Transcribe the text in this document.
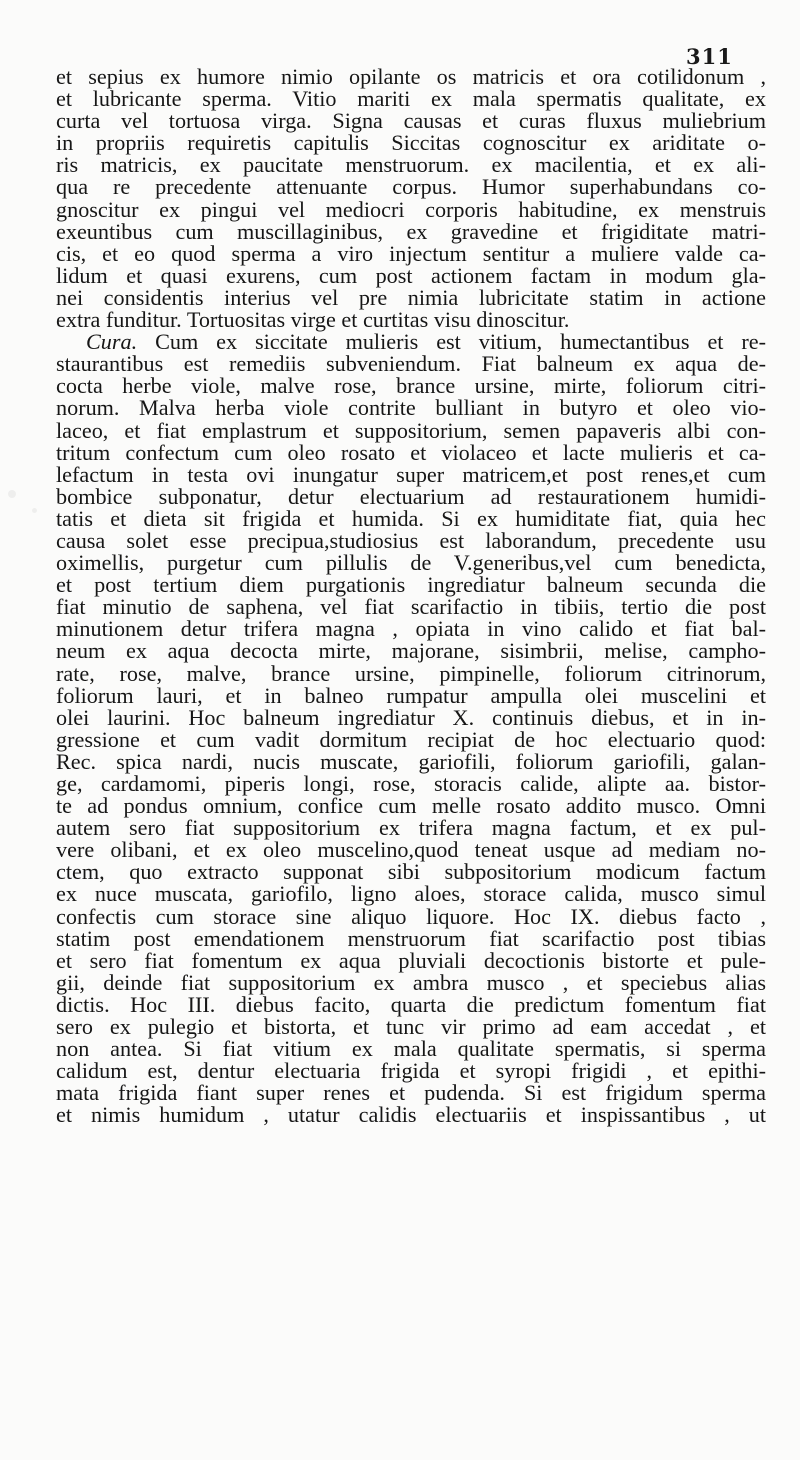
311
et sepius ex humore nimio opilante os matricis et ora cotilidonum ,
et lubricante sperma. Vitio mariti ex mala spermatis qualitate, ex
curta vel tortuosa virga. Signa causas et curas fluxus muliebrium
in propriis requiretis capitulis Siccitas cognoscitur ex ariditate o-
ris matricis, ex paucitate menstruorum. ex macilentia, et ex ali-
qua re precedente attenuante corpus. Humor superhabundans co-
gnoscitur ex pingui vel mediocri corporis habitudine, ex menstruis
exeuntibus cum muscillaginibus, ex gravedine et frigiditate matri-
cis, et eo quod sperma a viro injectum sentitur a muliere valde ca-
lidum et quasi exurens, cum post actionem factam in modum gla-
nei considentis interius vel pre nimia lubricitate statim in actione
extra funditur. Tortuositas virge et curtitas visu dinoscitur.
Cura. Cum ex siccitate mulieris est vitium, humectantibus et re-
staurantibus est remediis subveniendum. Fiat balneum ex aqua de-
cocta herbe viole, malve rose, brance ursine, mirte, foliorum citri-
norum. Malva herba viole contrite bulliant in butyro et oleo vio-
laceo, et fiat emplastrum et suppositorium, semen papaveris albi con-
tritum confectum cum oleo rosato et violaceo et lacte mulieris et ca-
lefactum in testa ovi inungatur super matricem,et post renes,et cum
bombice subponatur, detur electuarium ad restaurationem humidi-
tatis et dieta sit frigida et humida. Si ex humiditate fiat, quia hec
causa solet esse precipua,studiosius est laborandum, precedente usu
oximellis, purgetur cum pillulis de V.generibus,vel cum benedicta,
et post tertium diem purgationis ingrediatur balneum secunda die
fiat minutio de saphena, vel fiat scarifactio in tibiis, tertio die post
minutionem detur trifera magna , opiata in vino calido et fiat bal-
neum ex aqua decocta mirte, majorane, sisimbrii, melise, campho-
rate, rose, malve, brance ursine, pimpinelle, foliorum citrinorum,
foliorum lauri, et in balneo rumpatur ampulla olei muscelini et
olei laurini. Hoc balneum ingrediatur X. continuis diebus, et in in-
gressione et cum vadit dormitum recipiat de hoc electuario quod:
Rec. spica nardi, nucis muscate, gariofili, foliorum gariofili, galan-
ge, cardamomi, piperis longi, rose, storacis calide, alipte aa. bistor-
te ad pondus omnium, confice cum melle rosato addito musco. Omni
autem sero fiat suppositorium ex trifera magna factum, et ex pul-
vere olibani, et ex oleo muscelino,quod teneat usque ad mediam no-
ctem, quo extracto supponat sibi subpositorium modicum factum
ex nuce muscata, gariofilo, ligno aloes, storace calida, musco simul
confectis cum storace sine aliquo liquore. Hoc IX. diebus facto ,
statim post emendationem menstruorum fiat scarifactio post tibias
et sero fiat fomentum ex aqua pluviali decoctionis bistorte et pule-
gii, deinde fiat suppositorium ex ambra musco , et speciebus alias
dictis. Hoc III. diebus facito, quarta die predictum fomentum fiat
sero ex pulegio et bistorta, et tunc vir primo ad eam accedat , et
non antea. Si fiat vitium ex mala qualitate spermatis, si sperma
calidum est, dentur electuaria frigida et syropi frigidi , et epithi-
mata frigida fiant super renes et pudenda. Si est frigidum sperma
et nimis humidum , utatur calidis electuariis et inspissantibus , ut
